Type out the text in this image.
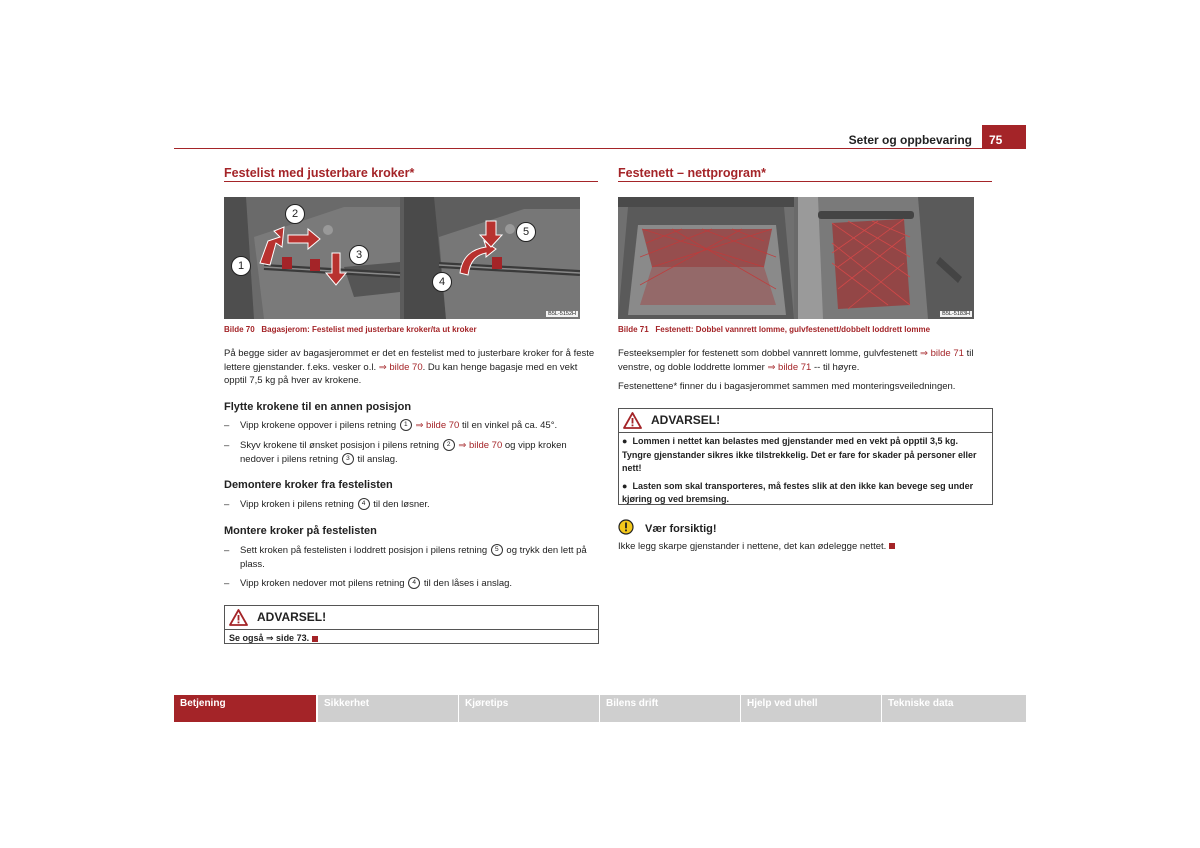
Seter og oppbevaring	75
Festelist med justerbare kroker*
1
2
3
4
5
B5L-5152H
Bilde 70 Bagasjerom: Festelist med justerbare kroker/ta ut kroker
På begge sider av bagasjerommet er det en festelist med to justerbare kroker for å feste lettere gjenstander. f.eks. vesker o.l. ⇒ bilde 70. Du kan henge bagasje med en vekt opptil 7,5 kg på hver av krokene.
Flytte krokene til en annen posisjon
–	Vipp krokene oppover i pilens retning 1 ⇒ bilde 70 til en vinkel på ca. 45°.
–	Skyv krokene til ønsket posisjon i pilens retning 2 ⇒ bilde 70 og vipp kroken
nedover i pilens retning 3 til anslag.
Demontere kroker fra festelisten
–	Vipp kroken i pilens retning 4 til den løsner.
Montere kroker på festelisten
–	Sett kroken på festelisten i loddrett posisjon i pilens retning 5 og trykk den lett på
plass.
–	Vipp kroken nedover mot pilens retning 4 til den låses i anslag.
ADVARSEL!
Se også ⇒ side 73.
Festenett – nettprogram*
B5L-5183H
Bilde 71 Festenett: Dobbel vannrett lomme, gulvfestenett/dobbelt loddrett lomme
Festeeksempler for festenett som dobbel vannrett lomme, gulvfestenett ⇒ bilde 71 til
venstre, og doble loddrette lommer ⇒ bilde 71 -- til høyre.
Festenettene* finner du i bagasjerommet sammen med monteringsveiledningen.
ADVARSEL!
● Lommen i nettet kan belastes med gjenstander med en vekt på opptil 3,5 kg. Tyngre gjenstander sikres ikke tilstrekkelig. Det er fare for skader på personer eller nett!
● Lasten som skal transporteres, må festes slik at den ikke kan bevege seg under kjøring og ved bremsing.
Vær forsiktig!
Ikke legg skarpe gjenstander i nettene, det kan ødelegge nettet.
Betjening	Sikkerhet	Kjøretips	Bilens drift	Hjelp ved uhell	Tekniske data
